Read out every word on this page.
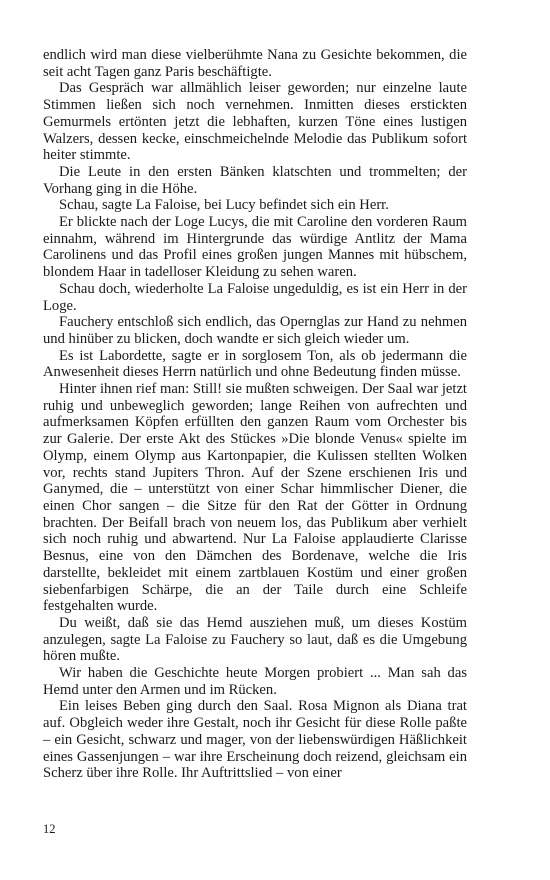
endlich wird man diese vielberühmte Nana zu Gesichte bekommen, die seit acht Tagen ganz Paris beschäftigte.

Das Gespräch war allmählich leiser geworden; nur einzelne laute Stimmen ließen sich noch vernehmen. Inmitten dieses erstickten Gemurmels ertönten jetzt die lebhaften, kurzen Töne eines lustigen Walzers, dessen kecke, einschmeichelnde Melodie das Publikum sofort heiter stimmte.

Die Leute in den ersten Bänken klatschten und trommelten; der Vorhang ging in die Höhe.

Schau, sagte La Faloise, bei Lucy befindet sich ein Herr.

Er blickte nach der Loge Lucys, die mit Caroline den vorderen Raum einnahm, während im Hintergrunde das würdige Antlitz der Mama Carolinens und das Profil eines großen jungen Mannes mit hübschem, blondem Haar in tadelloser Kleidung zu sehen waren.

Schau doch, wiederholte La Faloise ungeduldig, es ist ein Herr in der Loge.

Fauchery entschloß sich endlich, das Opernglas zur Hand zu nehmen und hinüber zu blicken, doch wandte er sich gleich wieder um.

Es ist Labordette, sagte er in sorglosem Ton, als ob jedermann die Anwesenheit dieses Herrn natürlich und ohne Bedeutung finden müsse.

Hinter ihnen rief man: Still! sie mußten schweigen. Der Saal war jetzt ruhig und unbeweglich geworden; lange Reihen von aufrechten und aufmerksamen Köpfen erfüllten den ganzen Raum vom Orchester bis zur Galerie. Der erste Akt des Stückes »Die blonde Venus« spielte im Olymp, einem Olymp aus Kartonpapier, die Kulissen stellten Wolken vor, rechts stand Jupiters Thron. Auf der Szene erschienen Iris und Ganymed, die – unterstützt von einer Schar himmlischer Diener, die einen Chor sangen – die Sitze für den Rat der Götter in Ordnung brachten. Der Beifall brach von neuem los, das Publikum aber verhielt sich noch ruhig und abwartend. Nur La Faloise applaudierte Clarisse Besnus, eine von den Dämchen des Bordenave, welche die Iris darstellte, bekleidet mit einem zartblauen Kostüm und einer großen siebenfarbigen Schärpe, die an der Taile durch eine Schleife festgehalten wurde.

Du weißt, daß sie das Hemd ausziehen muß, um dieses Kostüm anzulegen, sagte La Faloise zu Fauchery so laut, daß es die Umgebung hören mußte.

Wir haben die Geschichte heute Morgen probiert ... Man sah das Hemd unter den Armen und im Rücken.

Ein leises Beben ging durch den Saal. Rosa Mignon als Diana trat auf. Obgleich weder ihre Gestalt, noch ihr Gesicht für diese Rolle paßte – ein Gesicht, schwarz und mager, von der liebenswürdigen Häßlichkeit eines Gassenjungen – war ihre Erscheinung doch reizend, gleichsam ein Scherz über ihre Rolle. Ihr Auftrittslied – von einer

12
